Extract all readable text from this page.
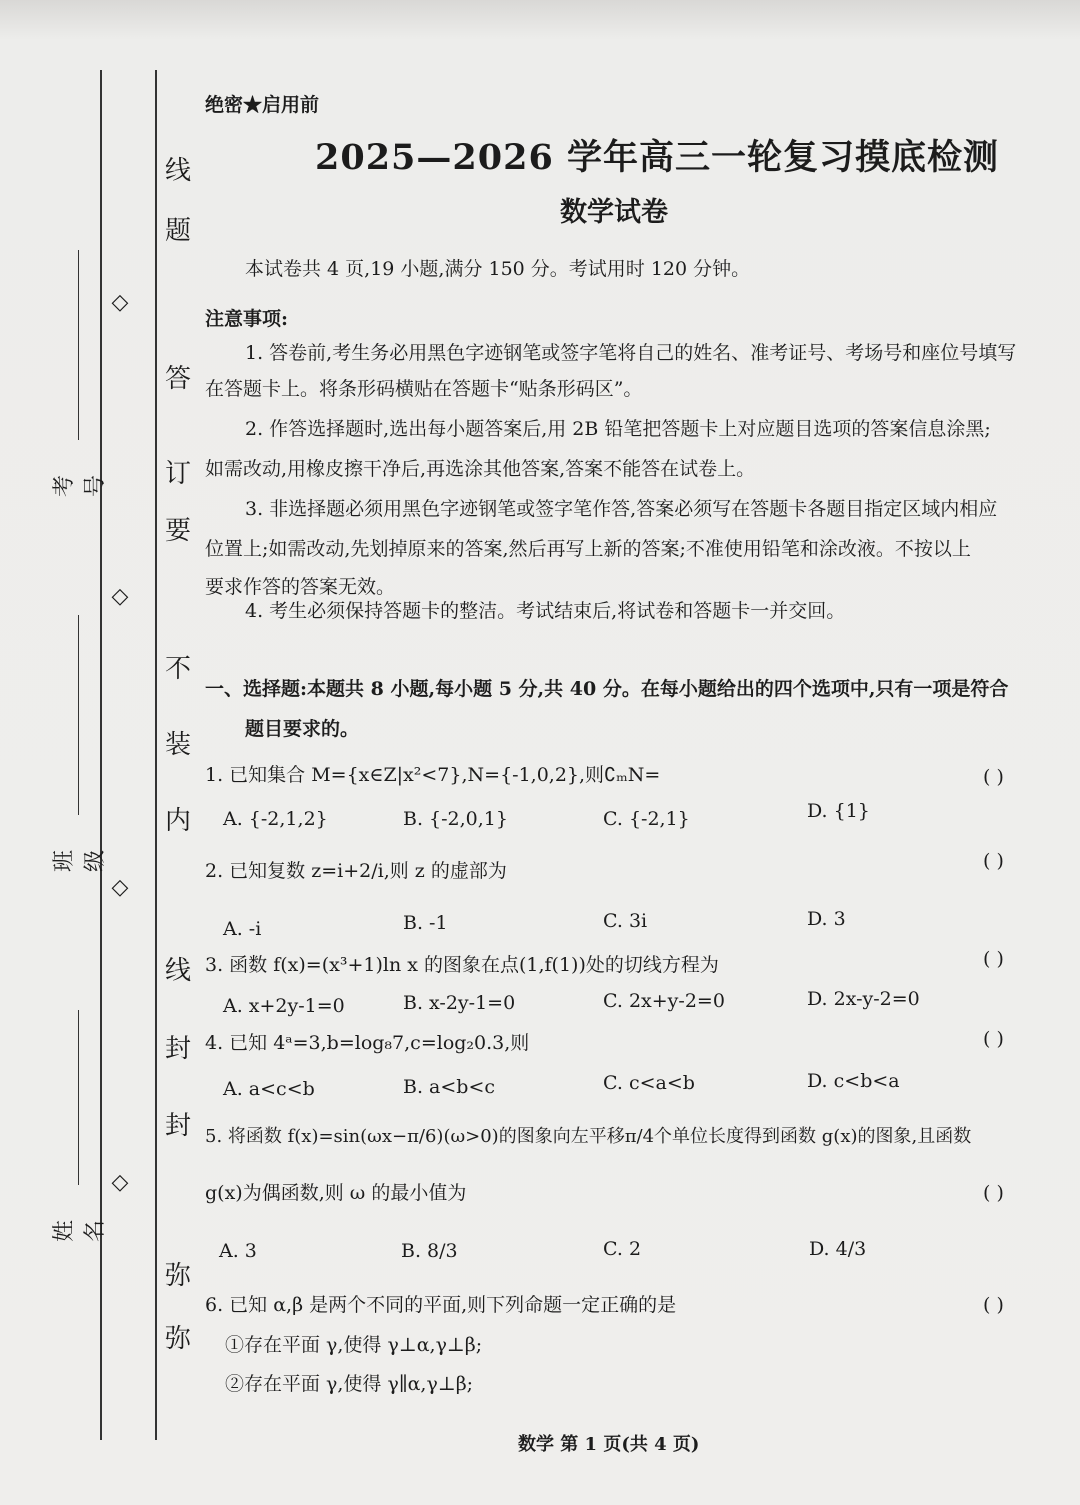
线
题
答
订
要
不
装
内
线
封
封
弥
弥
◇
◇
◇
◇
考号
班级
姓名
绝密★启用前
2025—2026 学年高三一轮复习摸底检测
数学试卷
本试卷共 4 页,19 小题,满分 150 分。考试用时 120 分钟。
注意事项:
1. 答卷前,考生务必用黑色字迹钢笔或签字笔将自己的姓名、准考证号、考场号和座位号填写
在答题卡上。将条形码横贴在答题卡“贴条形码区”。
2. 作答选择题时,选出每小题答案后,用 2B 铅笔把答题卡上对应题目选项的答案信息涂黑;
如需改动,用橡皮擦干净后,再选涂其他答案,答案不能答在试卷上。
3. 非选择题必须用黑色字迹钢笔或签字笔作答,答案必须写在答题卡各题目指定区域内相应
位置上;如需改动,先划掉原来的答案,然后再写上新的答案;不准使用铅笔和涂改液。不按以上
要求作答的答案无效。
4. 考生必须保持答题卡的整洁。考试结束后,将试卷和答题卡一并交回。
一、选择题:本题共 8 小题,每小题 5 分,共 40 分。在每小题给出的四个选项中,只有一项是符合
题目要求的。
1. 已知集合 M={x∈Z|x²<7},N={-1,0,2},则∁ₘN=	( )
A. {-2,1,2}	B. {-2,0,1}	C. {-2,1}	D. {1}
2. 已知复数 z=i+2/i,则 z 的虚部为	( )
A. -i	B. -1	C. 3i	D. 3
3. 函数 f(x)=(x³+1)ln x 的图象在点(1,f(1))处的切线方程为	( )
A. x+2y-1=0	B. x-2y-1=0	C. 2x+y-2=0	D. 2x-y-2=0
4. 已知 4ᵃ=3,b=log₈7,c=log₂0.3,则	( )
A. a<c<b	B. a<b<c	C. c<a<b	D. c<b<a
5. 将函数 f(x)=sin(ωx−π/6)(ω>0)的图象向左平移π/4个单位长度得到函数 g(x)的图象,且函数
g(x)为偶函数,则 ω 的最小值为	( )
A. 3	B. 8/3	C. 2	D. 4/3
6. 已知 α,β 是两个不同的平面,则下列命题一定正确的是	( )
①存在平面 γ,使得 γ⊥α,γ⊥β;
②存在平面 γ,使得 γ∥α,γ⊥β;
数学 第 1 页(共 4 页)
